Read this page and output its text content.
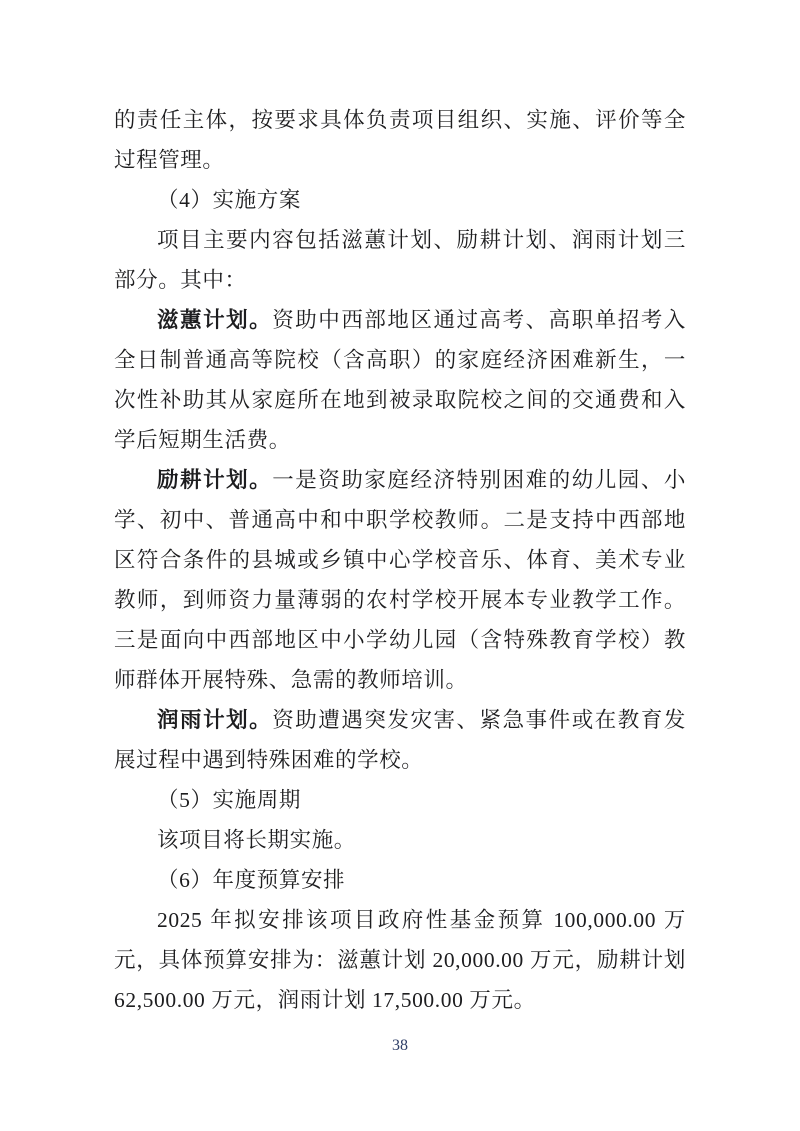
的责任主体，按要求具体负责项目组织、实施、评价等全过程管理。

（4）实施方案

项目主要内容包括滋蕙计划、励耕计划、润雨计划三部分。其中：

滋蕙计划。资助中西部地区通过高考、高职单招考入全日制普通高等院校（含高职）的家庭经济困难新生，一次性补助其从家庭所在地到被录取院校之间的交通费和入学后短期生活费。

励耕计划。一是资助家庭经济特别困难的幼儿园、小学、初中、普通高中和中职学校教师。二是支持中西部地区符合条件的县城或乡镇中心学校音乐、体育、美术专业教师，到师资力量薄弱的农村学校开展本专业教学工作。三是面向中西部地区中小学幼儿园（含特殊教育学校）教师群体开展特殊、急需的教师培训。

润雨计划。资助遭遇突发灾害、紧急事件或在教育发展过程中遇到特殊困难的学校。

（5）实施周期

该项目将长期实施。

（6）年度预算安排

2025 年拟安排该项目政府性基金预算 100,000.00 万元，具体预算安排为：滋蕙计划 20,000.00 万元，励耕计划 62,500.00 万元，润雨计划 17,500.00 万元。

38
